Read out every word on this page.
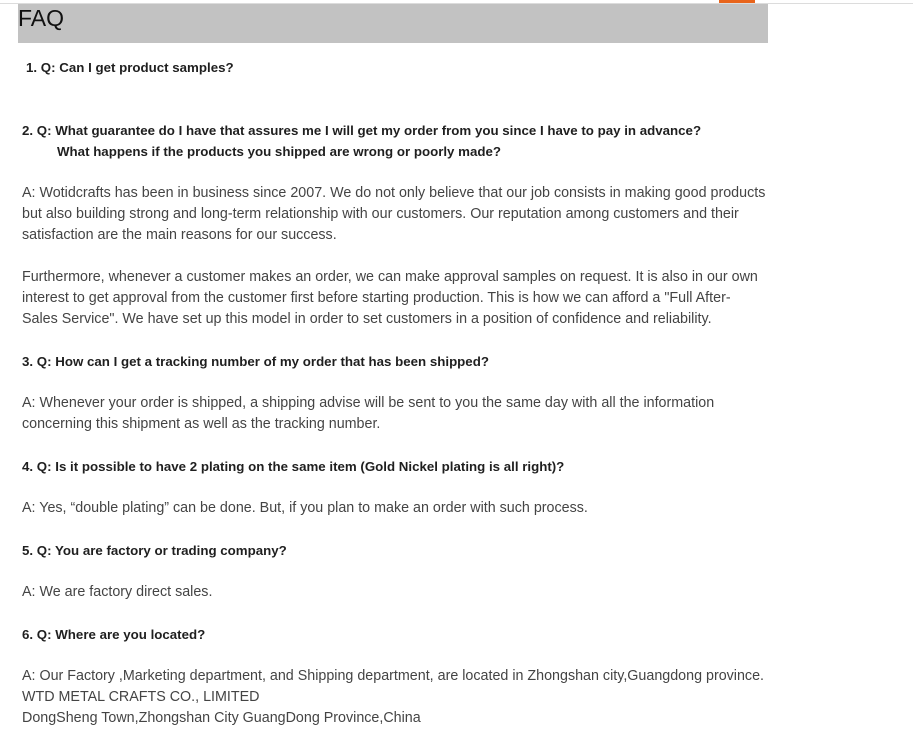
FAQ
1. Q: Can I get product samples?
2. Q: What guarantee do I have that assures me I will get my order from you since I have to pay in advance?
What happens if the products you shipped are wrong or poorly made?
A: Wotidcrafts has been in business since 2007. We do not only believe that our job consists in making good products
but also building strong and long-term relationship with our customers. Our reputation among customers and their
satisfaction are the main reasons for our success.
Furthermore, whenever a customer makes an order, we can make approval samples on request. It is also in our own
interest to get approval from the customer first before starting production. This is how we can afford a "Full After-
Sales Service". We have set up this model in order to set customers in a position of confidence and reliability.
3. Q: How can I get a tracking number of my order that has been shipped?
A: Whenever your order is shipped, a shipping advise will be sent to you the same day with all the information
concerning this shipment as well as the tracking number.
4. Q: Is it possible to have 2 plating on the same item (Gold Nickel plating is all right)?
A: Yes, “double plating” can be done. But, if you plan to make an order with such process.
5. Q: You are factory or trading company?
A: We are factory direct sales.
6. Q: Where are you located?
A: Our Factory ,Marketing department, and Shipping department, are located in Zhongshan city,Guangdong province.
WTD METAL CRAFTS CO., LIMITED
DongSheng Town,Zhongshan City GuangDong Province,China
